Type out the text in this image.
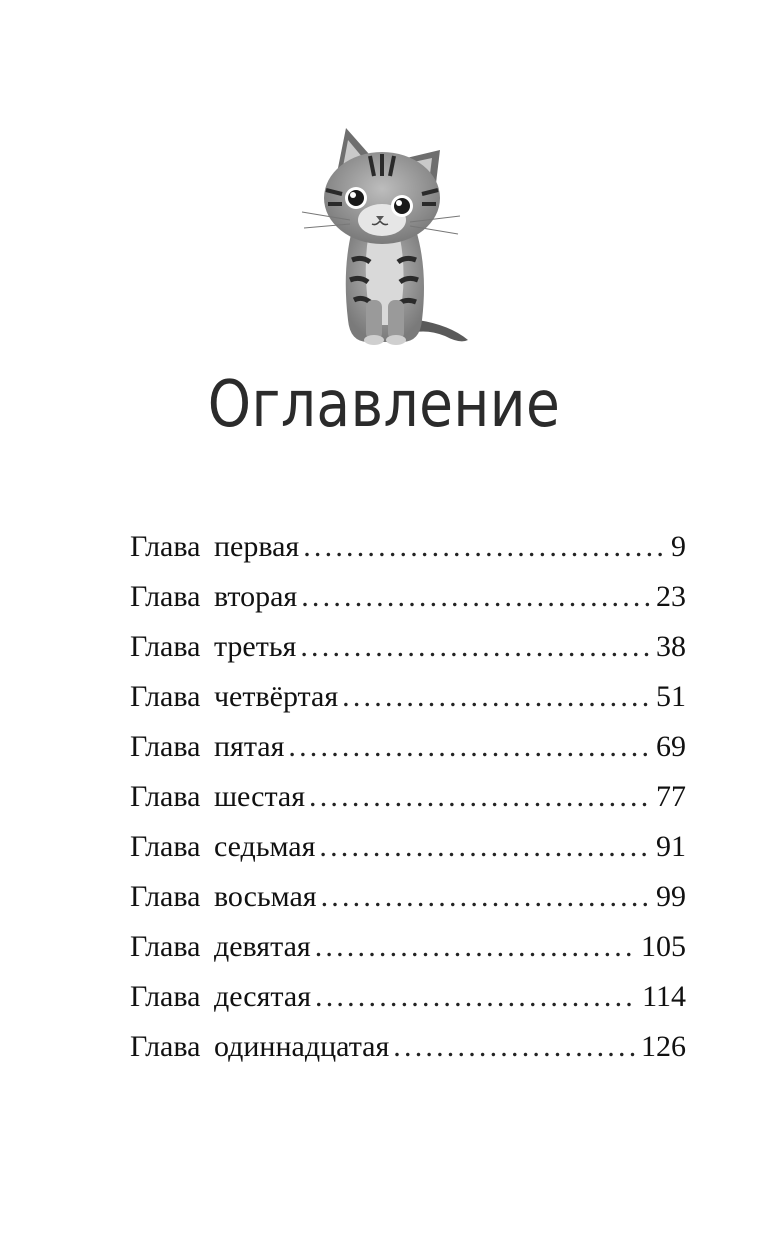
Оглавление
Глава первая .....	9
Глава вторая .....	23
Глава третья .....	38
Глава четвёртая .....	51
Глава пятая .....	69
Глава шестая .....	77
Глава седьмая .....	91
Глава восьмая .....	99
Глава девятая .....	105
Глава десятая .....	114
Глава одиннадцатая .....	126
